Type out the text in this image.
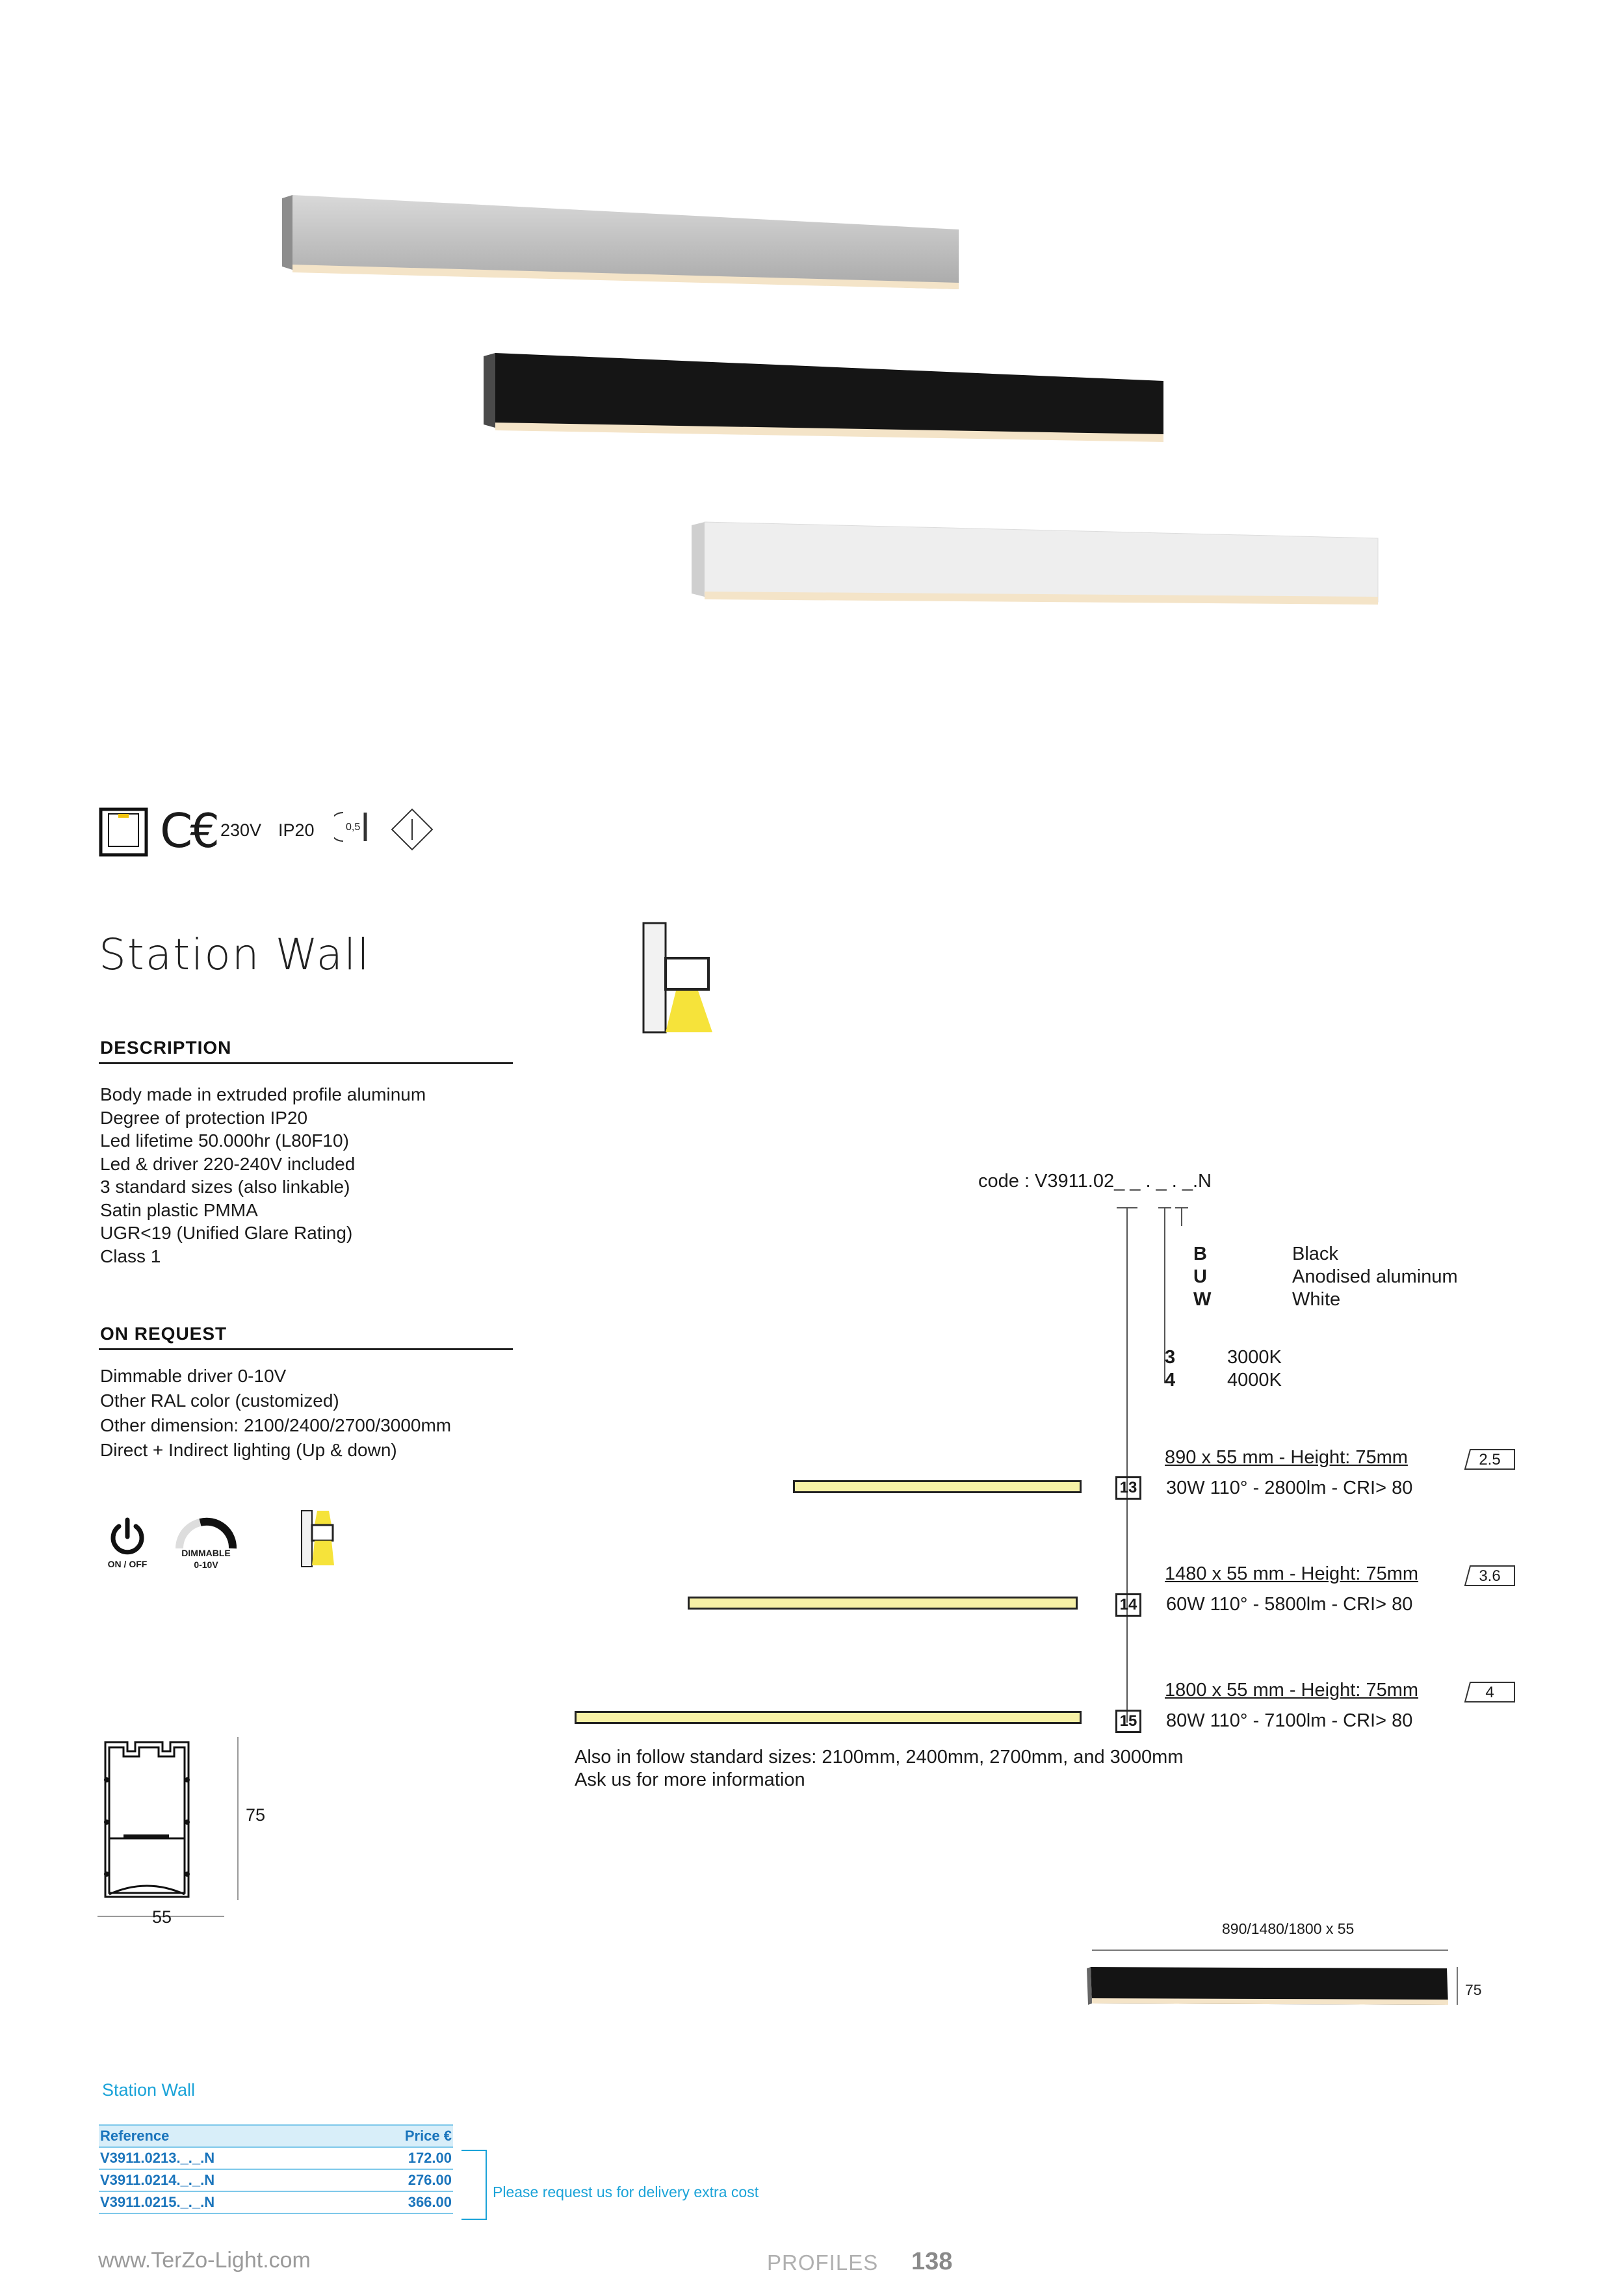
C€ 230V IP20	0,5
Station Wall
DESCRIPTION
Body made in extruded profile aluminum
Degree of protection IP20
Led lifetime 50.000hr (L80F10)
Led & driver 220-240V included
3 standard sizes (also linkable)
Satin plastic PMMA
UGR<19 (Unified Glare Rating)
Class 1
ON REQUEST
Dimmable driver 0-10V
Other RAL color (customized)
Other dimension: 2100/2400/2700/3000mm
Direct + Indirect lighting (Up & down)
ON / OFF
DIMMABLE
0-10V
75
55
code : V3911.02_ _ . _ . _.N
B	Black
U	Anodised aluminum
W	White
3	3000K
4	4000K
890 x 55 mm - Height: 75mm
13 30W 110° - 2800lm - CRI> 80
2.5
1480 x 55 mm - Height: 75mm
14 60W 110° - 5800lm - CRI> 80
3.6
1800 x 55 mm - Height: 75mm
15 80W 110° - 7100lm - CRI> 80
4
Also in follow standard sizes: 2100mm, 2400mm, 2700mm, and 3000mm
Ask us for more information
890/1480/1800 x 55
75
Station Wall
Reference	Price €
V3911.0213._._.N	172.00
V3911.0214._._.N	276.00
V3911.0215._._.N	366.00
Please request us for delivery extra cost
www.TerZo-Light.com	PROFILES 138
